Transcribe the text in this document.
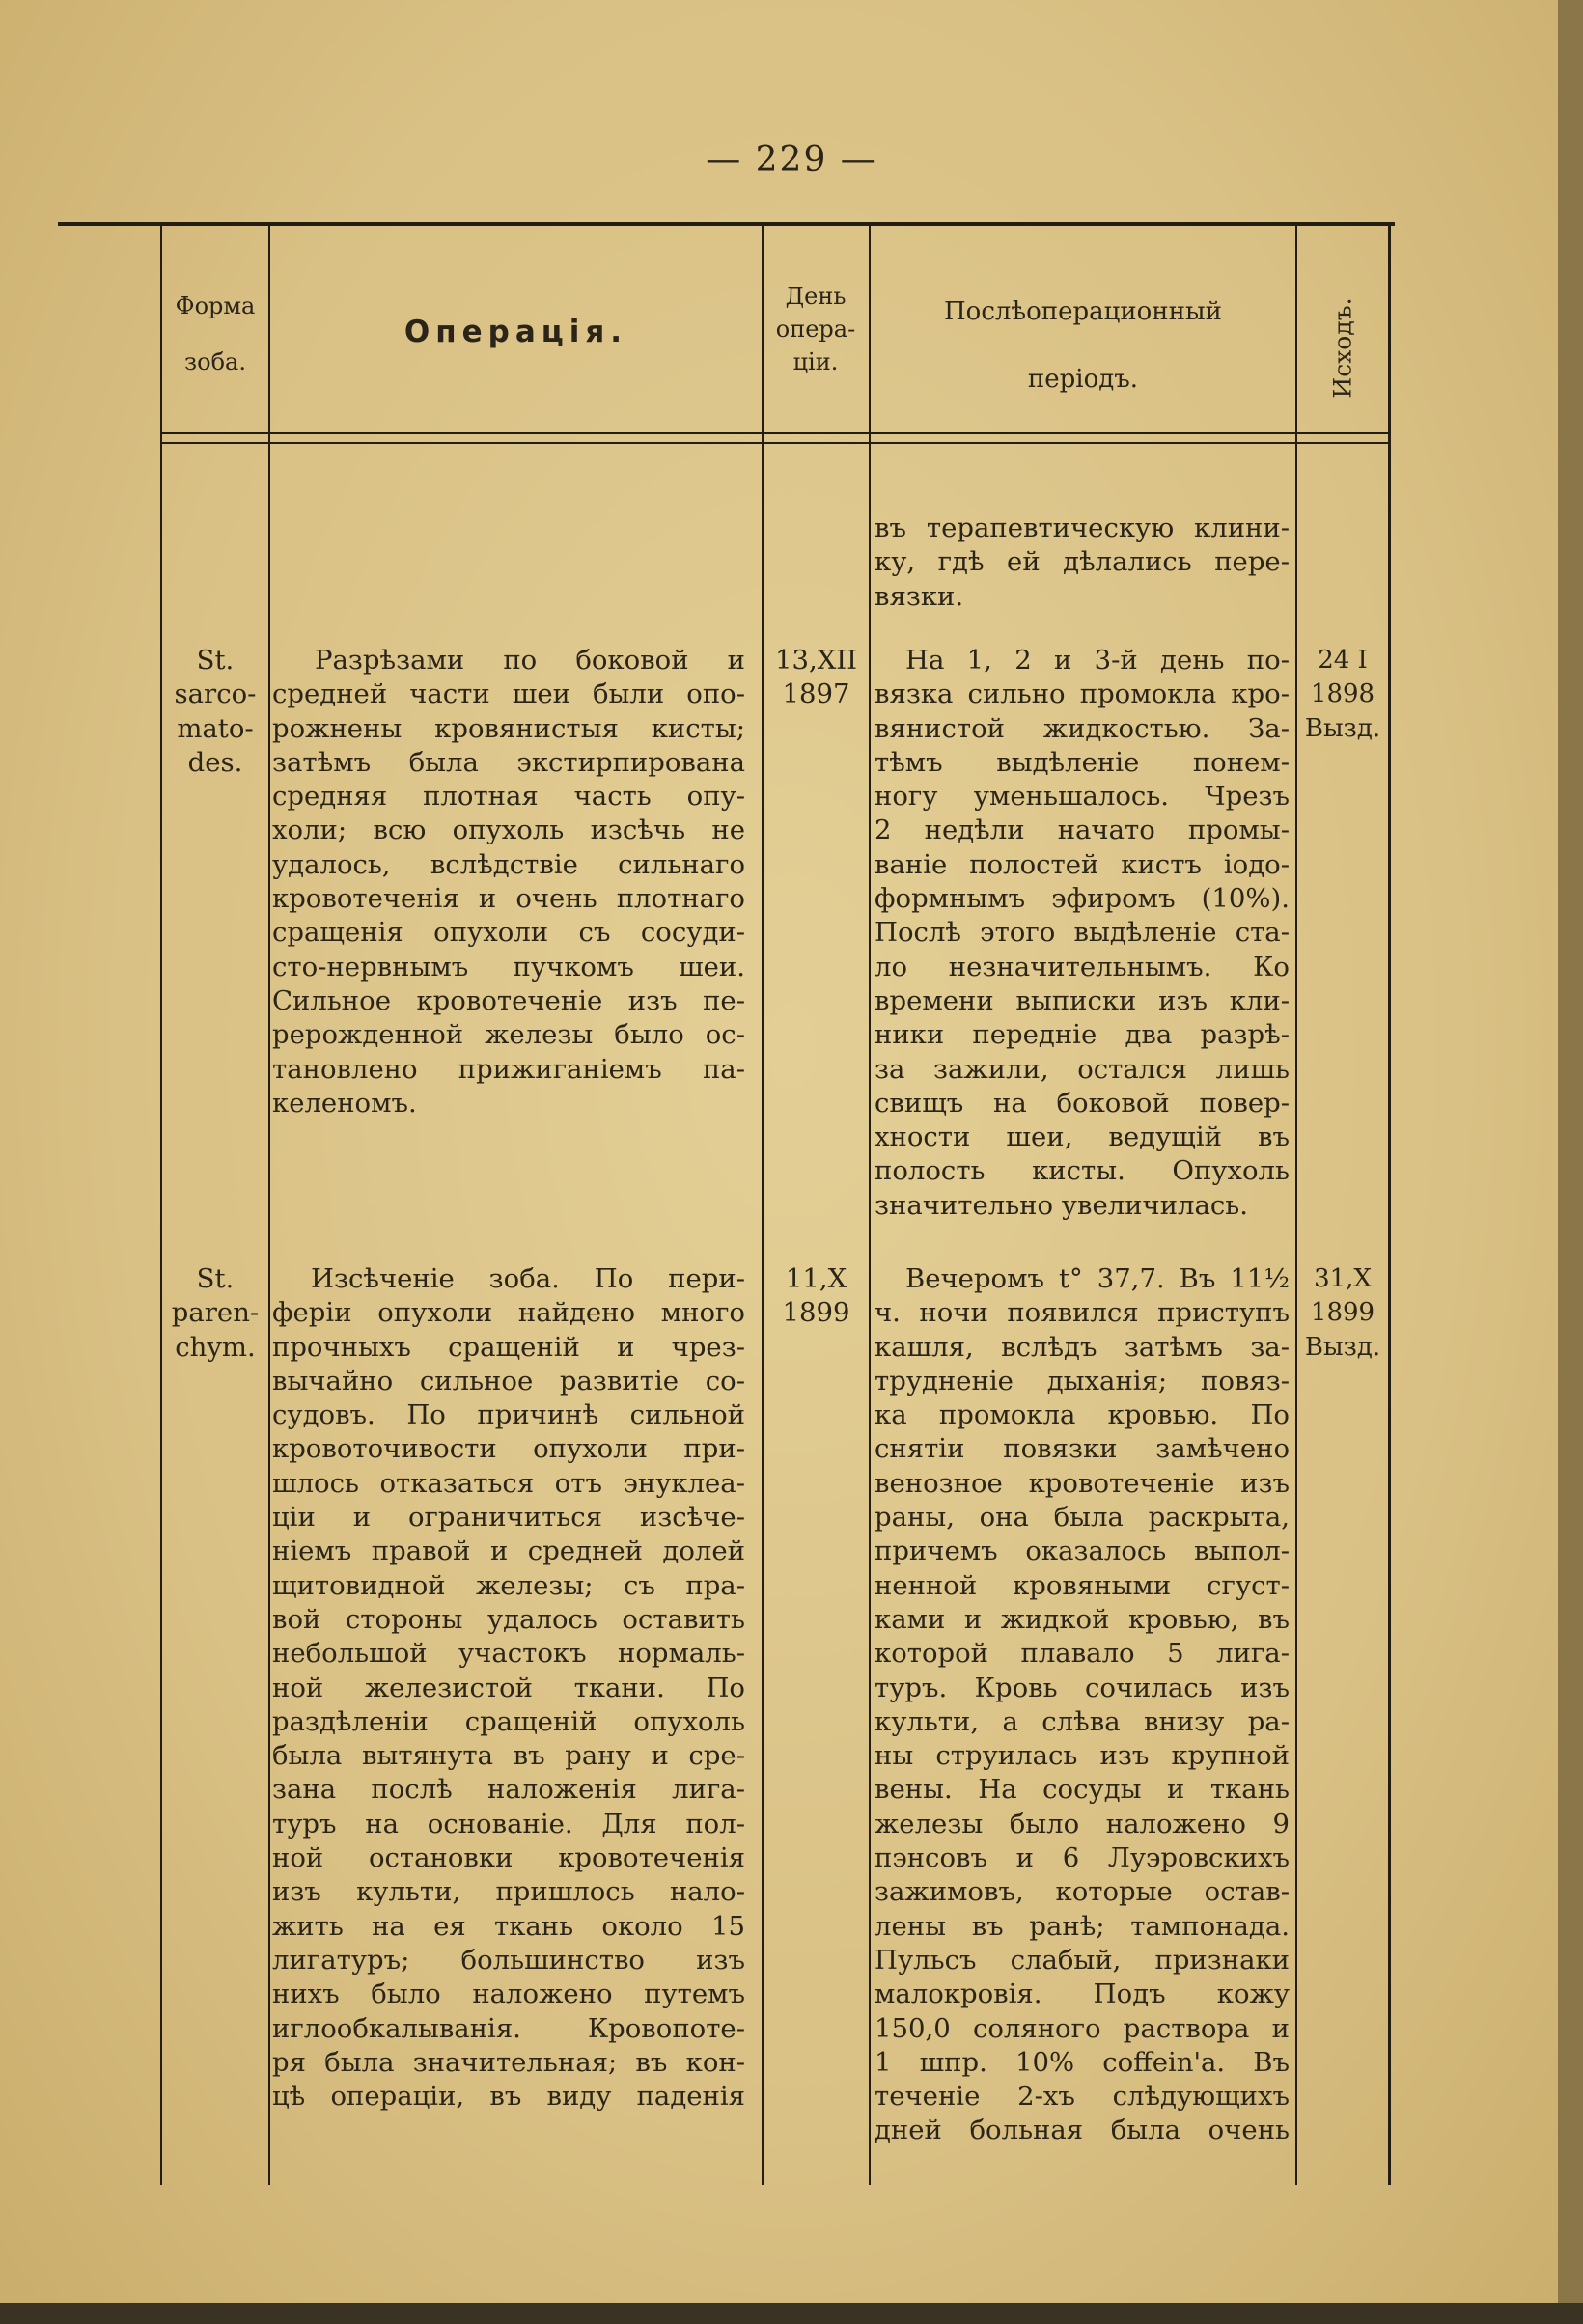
— 229 —
Форма
зоба.
Операція.
День
опера-
ціи.
Послѣоперационный
періодъ.	Исходъ.
въ терапевтическую клини-
ку, гдѣ ей дѣлались пере-
вязки.
St.
sarco-
mato-
des.
Разрѣзами по боковой и
средней части шеи были опо-
рожнены кровянистыя кисты;
затѣмъ была экстирпирована
средняя плотная часть опу-
холи; всю опухоль изсѣчь не
удалось, вслѣдствіе сильнаго
кровотеченія и очень плотнаго
сращенія опухоли съ сосуди-
сто-нервнымъ пучкомъ шеи.
Сильное кровотеченіе изъ пе-
рерожденной железы было ос-
тановлено прижиганіемъ па-
келеномъ.
13,XII
1897
На 1, 2 и 3-й день по-
вязка сильно промокла кро-
вянистой жидкостью. За-
тѣмъ выдѣленіе понем-
ногу уменьшалось. Чрезъ
2 недѣли начато промы-
ваніе полостей кистъ іодо-
формнымъ эфиромъ (10%).
Послѣ этого выдѣленіе ста-
ло незначительнымъ. Ко
времени выписки изъ кли-
ники передніе два разрѣ-
за зажили, остался лишь
свищъ на боковой повер-
хности шеи, ведущій въ
полость кисты. Опухоль
значительно увеличилась.
24 I
1898
Вызд.
St.
paren-
chym.
Изсѣченіе зоба. По пери-
феріи опухоли найдено много
прочныхъ сращеній и чрез-
вычайно сильное развитіе со-
судовъ. По причинѣ сильной
кровоточивости опухоли при-
шлось отказаться отъ энуклеа-
ціи и ограничиться изсѣче-
ніемъ правой и средней долей
щитовидной железы; съ пра-
вой стороны удалось оставить
небольшой участокъ нормаль-
ной железистой ткани. По
раздѣленіи сращеній опухоль
была вытянута въ рану и сре-
зана послѣ наложенія лига-
туръ на основаніе. Для пол-
ной остановки кровотеченія
изъ культи, пришлось нало-
жить на ея ткань около 15
лигатуръ; большинство изъ
нихъ было наложено путемъ
иглообкалыванія. Кровопоте-
ря была значительная; въ кон-
цѣ операціи, въ виду паденія
11,X
1899
Вечеромъ t° 37,7. Въ 11½
ч. ночи появился приступъ
кашля, вслѣдъ затѣмъ за-
трудненіе дыханія; повяз-
ка промокла кровью. По
снятіи повязки замѣчено
венозное кровотеченіе изъ
раны, она была раскрыта,
причемъ оказалось выпол-
ненной кровяными сгуст-
ками и жидкой кровью, въ
которой плавало 5 лига-
туръ. Кровь сочилась изъ
культи, а слѣва внизу ра-
ны струилась изъ крупной
вены. На сосуды и ткань
железы было наложено 9
пэнсовъ и 6 Луэровскихъ
зажимовъ, которые остав-
лены въ ранѣ; тампонада.
Пульсъ слабый, признаки
малокровія. Подъ кожу
150,0 соляного раствора и
1 шпр. 10% coffein'a. Въ
теченіе 2-хъ слѣдующихъ
дней больная была очень
31,X
1899
Вызд.
